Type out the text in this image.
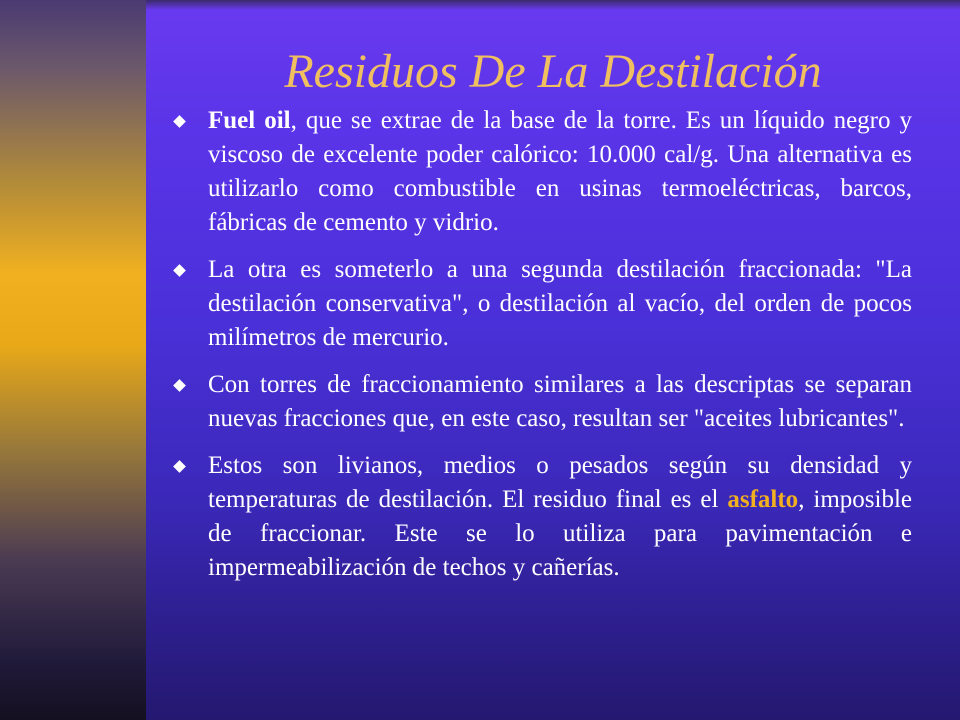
Residuos De La Destilación
Fuel oil, que se extrae de la base de la torre. Es un líquido negro y viscoso de excelente poder calórico: 10.000 cal/g. Una alternativa es utilizarlo como combustible en usinas termoeléctricas, barcos, fábricas de cemento y vidrio.
La otra es someterlo a una segunda destilación fraccionada: "La destilación conservativa", o destilación al vacío, del orden de pocos milímetros de mercurio.
Con torres de fraccionamiento similares a las descriptas se separan nuevas fracciones que, en este caso, resultan ser "aceites lubricantes".
Estos son livianos, medios o pesados según su densidad y temperaturas de destilación. El residuo final es el asfalto, imposible de fraccionar. Este se lo utiliza para pavimentación e impermeabilización de techos y cañerías.
